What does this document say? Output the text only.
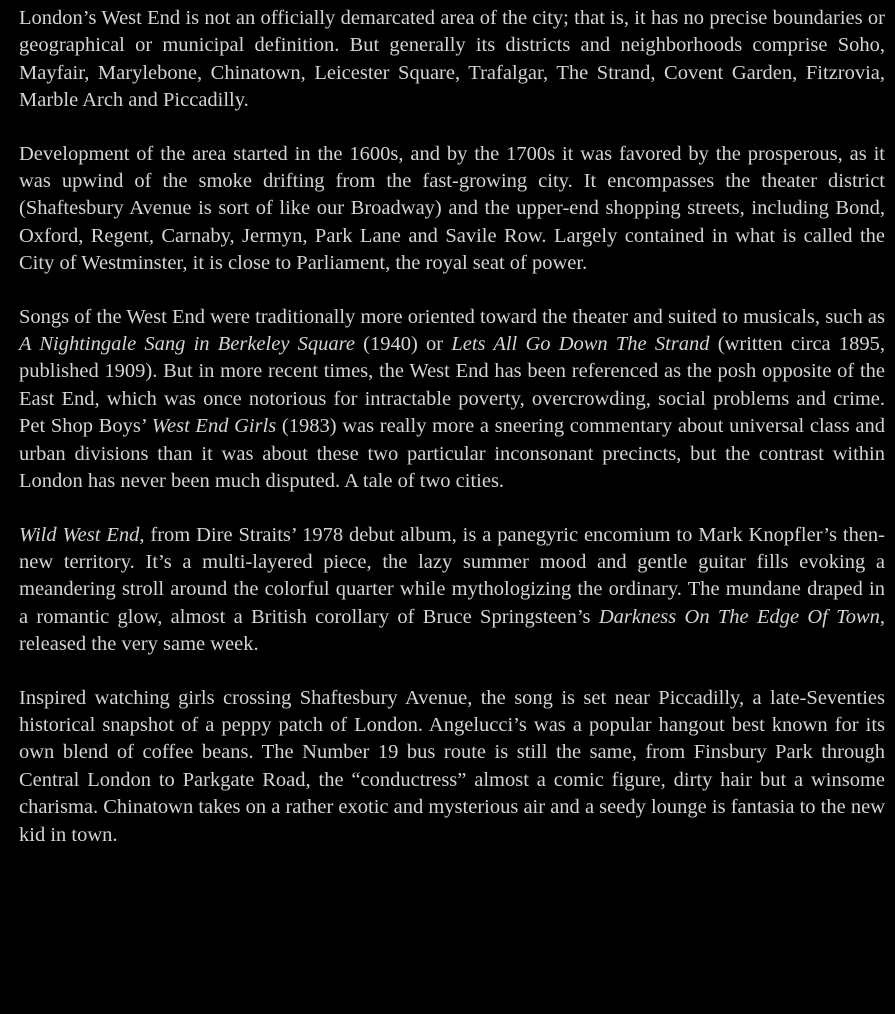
London’s West End is not an officially demarcated area of the city; that is, it has no precise boundaries or geographical or municipal definition. But generally its districts and neighborhoods comprise Soho, Mayfair, Marylebone, Chinatown, Leicester Square, Trafalgar, The Strand, Covent Garden, Fitzrovia, Marble Arch and Piccadilly.

Development of the area started in the 1600s, and by the 1700s it was favored by the prosperous, as it was upwind of the smoke drifting from the fast-growing city. It encompasses the theater district (Shaftesbury Avenue is sort of like our Broadway) and the upper-end shopping streets, including Bond, Oxford, Regent, Carnaby, Jermyn, Park Lane and Savile Row. Largely contained in what is called the City of Westminster, it is close to Parliament, the royal seat of power.

Songs of the West End were traditionally more oriented toward the theater and suited to musicals, such as A Nightingale Sang in Berkeley Square (1940) or Lets All Go Down The Strand (written circa 1895, published 1909). But in more recent times, the West End has been referenced as the posh opposite of the East End, which was once notorious for intractable poverty, overcrowding, social problems and crime. Pet Shop Boys’ West End Girls (1983) was really more a sneering commentary about universal class and urban divisions than it was about these two particular inconsonant precincts, but the contrast within London has never been much disputed. A tale of two cities.

Wild West End, from Dire Straits’ 1978 debut album, is a panegyric encomium to Mark Knopfler’s then-new territory. It’s a multi-layered piece, the lazy summer mood and gentle guitar fills evoking a meandering stroll around the colorful quarter while mythologizing the ordinary. The mundane draped in a romantic glow, almost a British corollary of Bruce Springsteen’s Darkness On The Edge Of Town, released the very same week.

Inspired watching girls crossing Shaftesbury Avenue, the song is set near Piccadilly, a late-Seventies historical snapshot of a peppy patch of London. Angelucci’s was a popular hangout best known for its own blend of coffee beans. The Number 19 bus route is still the same, from Finsbury Park through Central London to Parkgate Road, the “conductress” almost a comic figure, dirty hair but a winsome charisma. Chinatown takes on a rather exotic and mysterious air and a seedy lounge is fantasia to the new kid in town.
